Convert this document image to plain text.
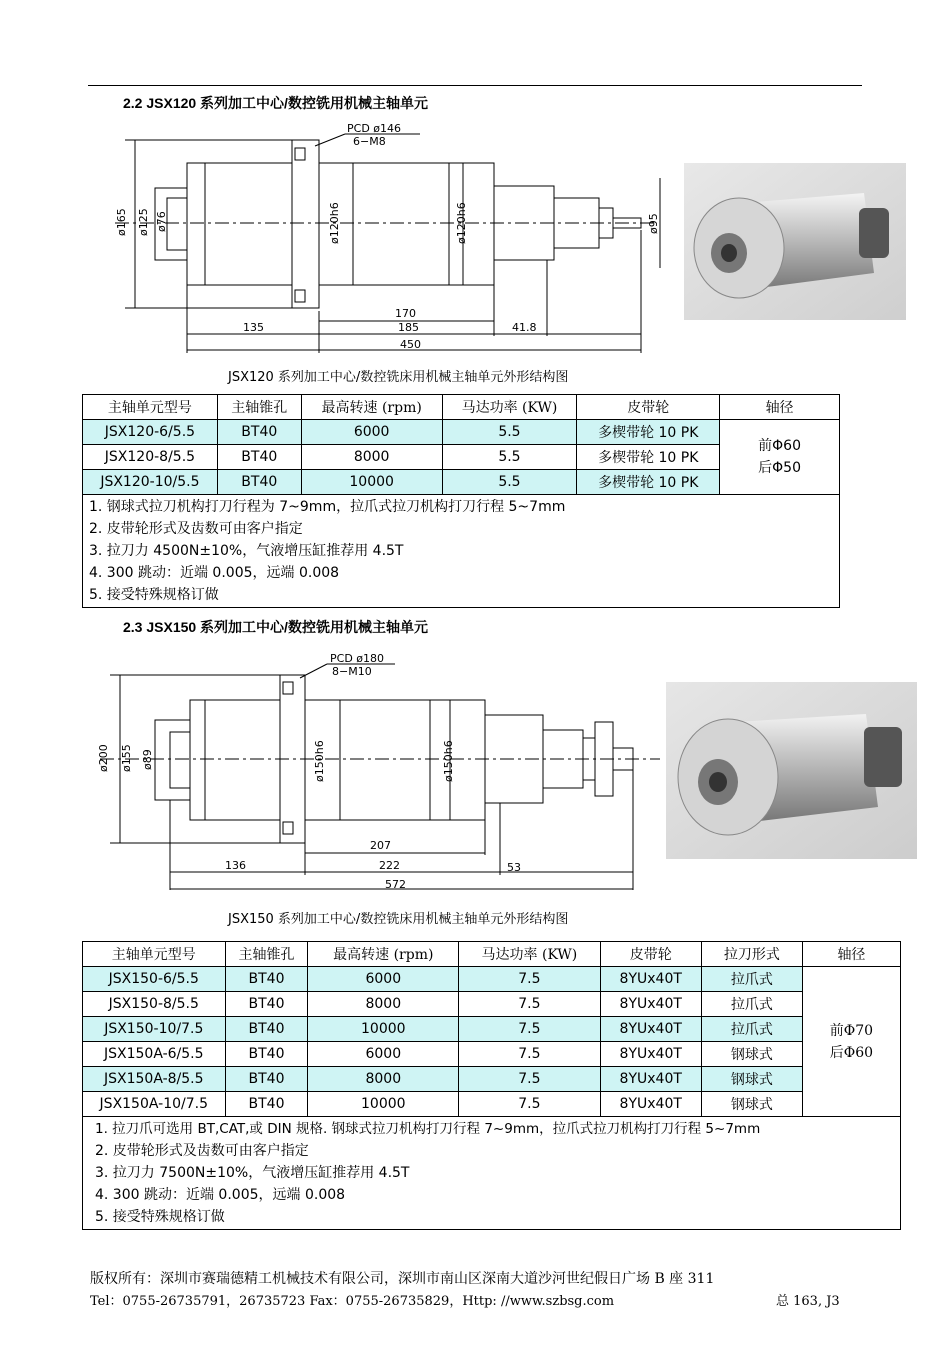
2.2 JSX120 系列加工中心/数控铣用机械主轴单元
PCD ø146
6−M8
ø165 ø125 ø76	ø120h6	ø120h6	ø95
170
135	185	41.8
450
JSX120 系列加工中心/数控铣床用机械主轴单元外形结构图
主轴单元型号	主轴锥孔	最高转速 (rpm)	马达功率 (KW)	皮带轮	轴径
JSX120-6/5.5	BT40	6000	5.5	多楔带轮 10 PK	前Φ60
后Φ50

JSX120-8/5.5	BT40	8000	5.5	多楔带轮 10 PK	
JSX120-10/5.5	BT40	10000	5.5	多楔带轮 10 PK	

1. 钢球式拉刀机构打刀行程为 7~9mm，拉爪式拉刀机构打刀行程 5~7mm
2. 皮带轮形式及齿数可由客户指定
3. 拉刀力 4500N±10%，气液增压缸推荐用 4.5T
4. 300 跳动：近端 0.005，远端 0.008
5. 接受特殊规格订做					
2.3 JSX150 系列加工中心/数控铣用机械主轴单元
PCD ø180
8−M10
ø200 ø155 ø89	ø150h6	ø150h6
207
136	222	53
572
JSX150 系列加工中心/数控铣床用机械主轴单元外形结构图
主轴单元型号	主轴锥孔	最高转速 (rpm)	马达功率 (KW)	皮带轮	拉刀形式	轴径
JSX150-6/5.5	BT40	6000	7.5	8YUx40T	拉爪式	前Φ70
后Φ60

JSX150-8/5.5	BT40	8000	7.5	8YUx40T	拉爪式	
JSX150-10/7.5	BT40	10000	7.5	8YUx40T	拉爪式	
JSX150A-6/5.5	BT40	6000	7.5	8YUx40T	钢球式	
JSX150A-8/5.5	BT40	8000	7.5	8YUx40T	钢球式	
JSX150A-10/7.5	BT40	10000	7.5	8YUx40T	钢球式	

1. 拉刀爪可选用 BT,CAT,或 DIN 规格. 钢球式拉刀机构打刀行程 7~9mm，拉爪式拉刀机构打刀行程 5~7mm
2. 皮带轮形式及齿数可由客户指定
3. 拉刀力 7500N±10%，气液增压缸推荐用 4.5T
4. 300 跳动：近端 0.005，远端 0.008
5. 接受特殊规格订做						
版权所有：深圳市赛瑞德精工机械技术有限公司，深圳市南山区深南大道沙河世纪假日广场 B 座 311
Tel：0755-26735791，26735723 Fax：0755-26735829，Http: //www.szbsg.com	总 163, J3
